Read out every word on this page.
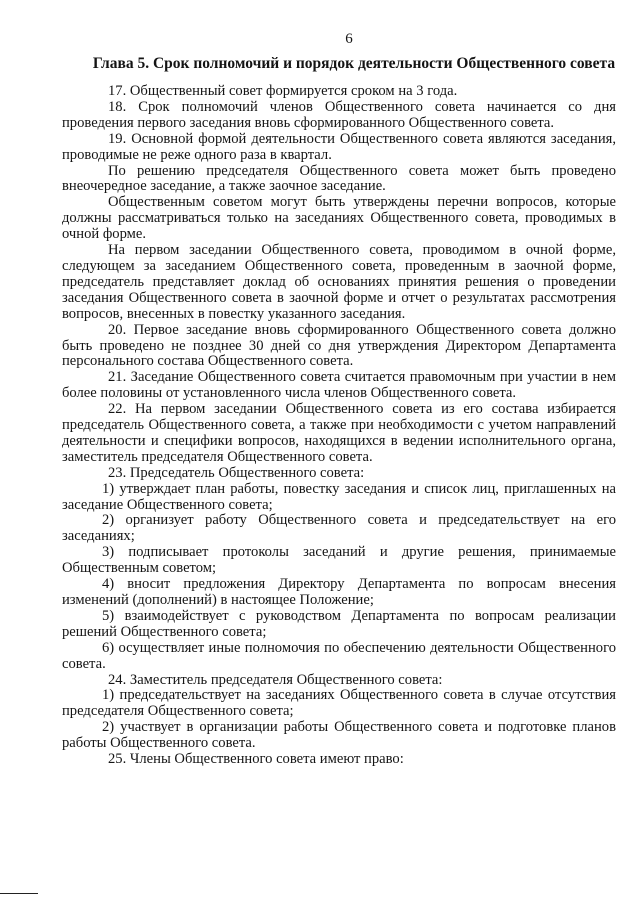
6
Глава 5. Срок полномочий и порядок деятельности Общественного совета

17. Общественный совет формируется сроком на 3 года.

18. Срок полномочий членов Общественного совета начинается со дня проведения первого заседания вновь сформированного Общественного совета.

19. Основной формой деятельности Общественного совета являются заседания, проводимые не реже одного раза в квартал.

По решению председателя Общественного совета может быть проведено внеочередное заседание, а также заочное заседание.

Общественным советом могут быть утверждены перечни вопросов, которые должны рассматриваться только на заседаниях Общественного совета, проводимых в очной форме.

На первом заседании Общественного совета, проводимом в очной форме, следующем за заседанием Общественного совета, проведенным в заочной форме, председатель представляет доклад об основаниях принятия решения о проведении заседания Общественного совета в заочной форме и отчет о результатах рассмотрения вопросов, внесенных в повестку указанного заседания.

20. Первое заседание вновь сформированного Общественного совета должно быть проведено не позднее 30 дней со дня утверждения Директором Департамента персонального состава Общественного совета.

21. Заседание Общественного совета считается правомочным при участии в нем более половины от установленного числа членов Общественного совета.

22. На первом заседании Общественного совета из его состава избирается председатель Общественного совета, а также при необходимости с учетом направлений деятельности и специфики вопросов, находящихся в ведении исполнительного органа, заместитель председателя Общественного совета.

23. Председатель Общественного совета:

1) утверждает план работы, повестку заседания и список лиц, приглашенных на заседание Общественного совета;

2) организует работу Общественного совета и председательствует на его заседаниях;

3) подписывает протоколы заседаний и другие решения, принимаемые Общественным советом;

4) вносит предложения Директору Департамента по вопросам внесения изменений (дополнений) в настоящее Положение;

5) взаимодействует с руководством Департамента по вопросам реализации решений Общественного совета;

6) осуществляет иные полномочия по обеспечению деятельности Общественного совета.

24. Заместитель председателя Общественного совета:

1) председательствует на заседаниях Общественного совета в случае отсутствия председателя Общественного совета;

2) участвует в организации работы Общественного совета и подготовке планов работы Общественного совета.

25. Члены Общественного совета имеют право:
